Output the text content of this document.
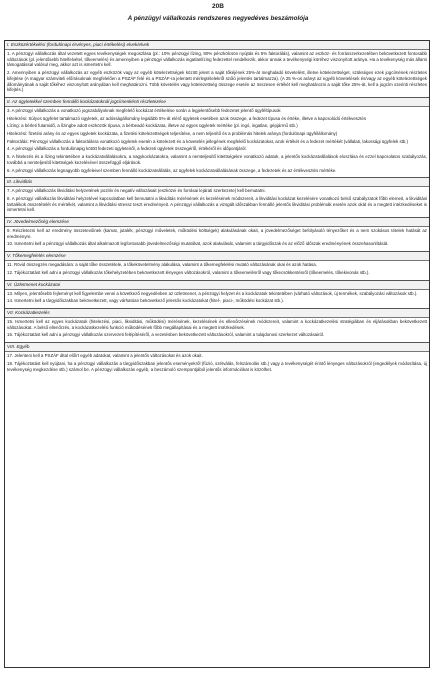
20B
A pénzügyi vállalkozás rendszeres negyedéves beszámolója
I. Eszközértékelési (fordulónapi érvényes, piaci értékelési) elvek/elvek

1. A pénzügyi vállalkozás által vezetett egyes tevékenységek megoszlása (pl.: 10% pénzügyi lízing, 90% pénzkölcsön nyújtás és 5% faktorálás), valamint az eszköz- és forrásszerkezetében bekövetkezett fontosabb változások (pl. jelentősebb hitelfelvétel, tőkeemelés) és amennyiben a pénzügyi vállalkozás ingatlanlízing fedezettel rendelkezik, akkor annak a tevékenységi köréhez viszonyított aránya. Ha a tevékenység más állami támogatással valósul meg, akkor azt is ismertetni kell.

2. Amennyiben a pénzügyi vállalkozás az egyéb eszközök vagy az egyéb kötelezettségek között jelent a saját tőkéjének 25%-át meghaladó követelést, illetve kötelezettséget, szükséges ezek jogcímének részletes kifejtése (A magyar számviteli előírásoknak megfelelően a PSZÁF felé és a PSZÁF-ra jelentett mérlegtételekről szóló jelentés tartalmazza). (A 25 %-os arányt az egyéb követelések és/vagy az egyéb kötelezettségek állományának a saját tőkéhez viszonyított arányában kell meghatározni. Több követelés vagy kötelezettség összege esetén az összesen értékét kell meghatározni a saját tőke 25%-át, kell a jogcím szerinti részletes kifejtés.)

II. Az ügyletekkel szemben fennálló kockázatoknál jogcímenkénti részletezése

3. A pénzügyi vállalkozás a vonatkozó jogszabályoknak megfelelő kockázat értékelése során a legjelentősebb fedezetet jelentő ügyféltípusok

Hitelezési: Súlyos ügyfelet tartalmazó ügyletek, az adósságállomány legalább 5%-át elérő ügyletek esetében azok összege, a fedezet típusa és értéke, illetve a kapcsolódó értékvesztés

Lízing: a bérleti futamidő, a lízingbe adott eszközök típusa, a bérbeadó kockázata, illetve az egyes ügyletek mértéke (pl. ingó, ingatlan, gépjármű stb.)

Hitelezési: fizetési arány és az egyes ügyletek kockázata, a fizetési kötelezettségek teljesítése, a nem teljesítő és a problémás hitelek aránya (fordulónapi ügyfélállomány)

Faktorálás: Pénzügyi vállalkozás a faktorálásra vonatkozó ügyletek esetén a kötelezett és a követelés jellegének megfelelő kockázatokat, azok értékét és a fedezet mértékét (vállalati, lakossági ügyfelek stb.)

4. A pénzügyi vállalkozás a fordulónapig kötött fedezeti ügyleteiről, a fedezeti ügyletek összegéről, értékéről és időpontjáról.

5. A hitelezés és a lízing tekintetében a kockázatvállalásokra, a nagykockázatokra, valamint a nemteljesítő kitettségekre vonatkozó adatok, a jelentős kockázatvállalások eloszlása és ezzel kapcsolatos szabályozás, továbbá a nemteljesítő kitettségek kezelésével összefüggő eljárások.

6. A pénzügyi vállalkozás legnagyobb ügyfeleivel szemben fennálló kockázatvállalás, az ügyfelek kockázatvállalásának összege, a fedezetek és az értékvesztés mértéke.

III. Likviditás

7. A pénzügyi vállalkozás likviditási helyzetének pozitív és negatív változásait (eszközei és forrásai lejárati szerkezete) kell bemutatni.

8. A pénzügyi vállalkozás likviditási helyzetével kapcsolatban kell bemutatni a likviditás mérésének és kezelésének módszereit, a likviditási kockázat kezelésére vonatkozó belső szabályzatok főbb elemeit, a likviditási tartalékok összetételét és mértékét, valamint a likviditási stressz teszt eredményeit. A pénzügyi vállalkozás a vizsgált időszakban fennálló jelentős likviditási problémák esetén azok okát és a megtett intézkedéseket is ismertetni kell.

IV. Jövedelmezőség elemzése

9. Részletezni kell az eredmény összetevőinek (kamat, jutalék, pénzügyi műveletek, működési költségek) alakulásának okait, a jövedelmezőséget befolyásoló tényezőket és a nem szokásos tételek hatását az eredményre.

10. Ismertetni kell a pénzügyi vállalkozás által alkalmazott legfontosabb jövedelmezőségi mutatókat, azok alakulását, valamint a tárgyidőszak és az előző időszak eredményének összehasonlítását.

V. Tőkemegfelelés elemzése

11. Rövid összegzés megadására: a saját tőke összetétele, a tőkekövetelmény alakulása, valamint a tőkemegfelelési mutató változásának okai és azok hatása.

12. Tájékoztatást kell adni a pénzügyi vállalkozás tőkehelyzetében bekövetkezett lényeges változásokról, valamint a tőkeemelésről vagy tőkecsökkentésről (tőkeemelés, tőkekivonás stb.).

VI. Üzletmenet kockázatai

13. Milyen, jelentősebb fejleményt kell figyelembe venni a következő negyedévben az üzletmenet, a pénzügyi helyzet és a kockázatok tekintetében (várható változások, új termékek, szabályozási változások stb.).

14. Ismertetni kell a tárgyidőszakban bekövetkezett, vagy várhatóan bekövetkező jelentős kockázatokat (hitel-, piaci-, működési kockázat stb.).

VII. Kockázatkezelés

15. Ismertetni kell az egyes kockázatok (hitelezési, piaci, likviditási, működési) mérésének, kezelésének és ellenőrzésének módszereit, valamint a kockázatkezelési stratégiában és eljárásokban bekövetkezett változásokat. A belső ellenőrzés, a kockázatkezelési funkció működésének főbb megállapításai és a megtett intézkedések.

16. Tájékoztatást kell adni a pénzügyi vállalkozás szervezeti felépítéséről, a vezetésben bekövetkezett változásokról, valamint a tulajdonosi szerkezet változásairól.

VIII. Egyéb

17. Jelenteni kell a PSZÁF által előírt egyéb adatokat, valamint a jelentős változásokat és azok okait.

18. Tájékoztatást kell nyújtani, ha a pénzügyi vállalkozás a tárgyidőszakban jelentős eseményekről (fúzió, szétválás, felszámolás stb.) vagy a tevékenységét érintő lényeges változásokról (engedélyek módosítása, új tevékenység megkezdése stb.) számol be. A pénzügyi vállalkozás egyéb, a beszámoló szempontjából jelentős információkat is közölhet.
